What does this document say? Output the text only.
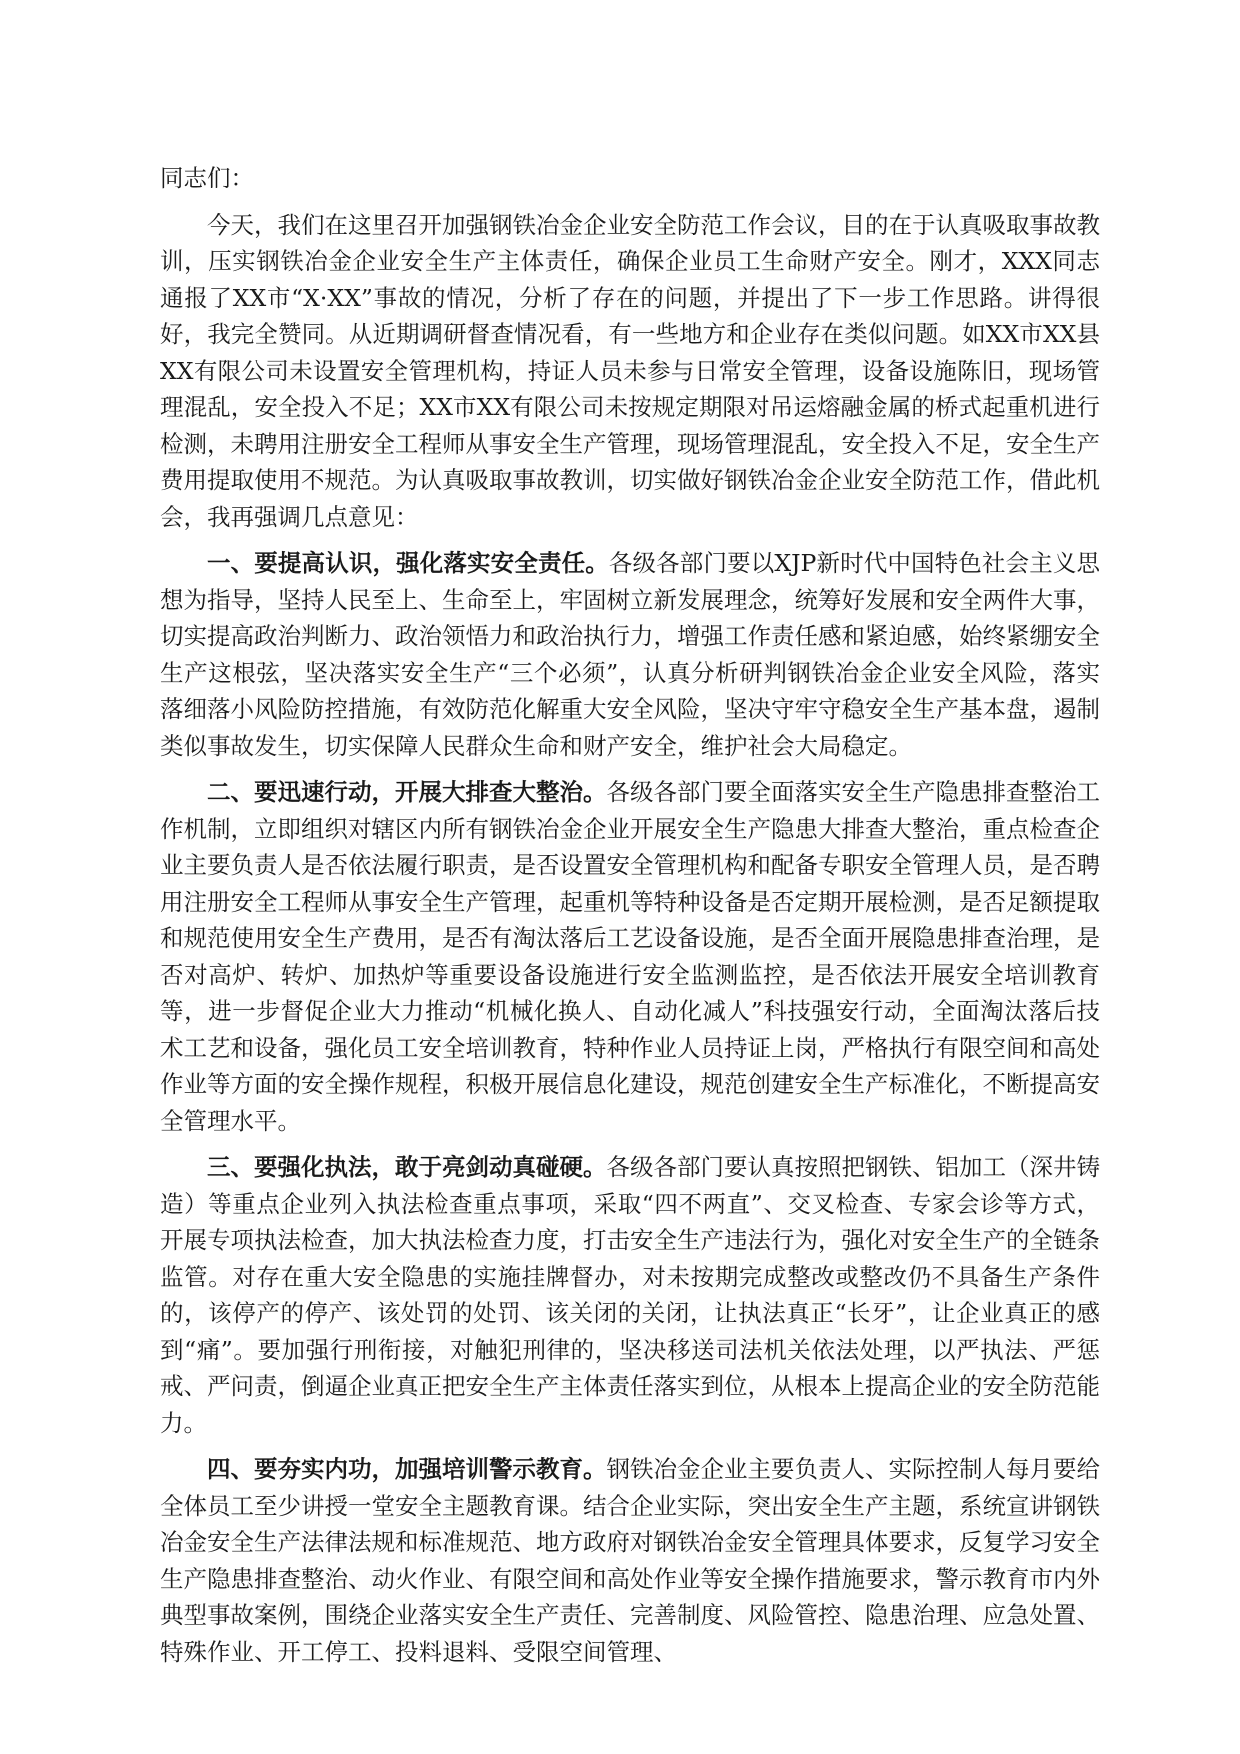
同志们：

今天，我们在这里召开加强钢铁冶金企业安全防范工作会议，目的在于认真吸取事故教训，压实钢铁冶金企业安全生产主体责任，确保企业员工生命财产安全。刚才，XXX同志通报了XX市“X·XX”事故的情况，分析了存在的问题，并提出了下一步工作思路。讲得很好，我完全赞同。从近期调研督查情况看，有一些地方和企业存在类似问题。如XX市XX县XX有限公司未设置安全管理机构，持证人员未参与日常安全管理，设备设施陈旧，现场管理混乱，安全投入不足；XX市XX有限公司未按规定期限对吊运熔融金属的桥式起重机进行检测，未聘用注册安全工程师从事安全生产管理，现场管理混乱，安全投入不足，安全生产费用提取使用不规范。为认真吸取事故教训，切实做好钢铁冶金企业安全防范工作，借此机会，我再强调几点意见：

一、要提高认识，强化落实安全责任。各级各部门要以XJP新时代中国特色社会主义思想为指导，坚持人民至上、生命至上，牢固树立新发展理念，统筹好发展和安全两件大事，切实提高政治判断力、政治领悟力和政治执行力，增强工作责任感和紧迫感，始终紧绷安全生产这根弦，坚决落实安全生产“三个必须”，认真分析研判钢铁冶金企业安全风险，落实落细落小风险防控措施，有效防范化解重大安全风险，坚决守牢守稳安全生产基本盘，遏制类似事故发生，切实保障人民群众生命和财产安全，维护社会大局稳定。

二、要迅速行动，开展大排查大整治。各级各部门要全面落实安全生产隐患排查整治工作机制，立即组织对辖区内所有钢铁冶金企业开展安全生产隐患大排查大整治，重点检查企业主要负责人是否依法履行职责，是否设置安全管理机构和配备专职安全管理人员，是否聘用注册安全工程师从事安全生产管理，起重机等特种设备是否定期开展检测，是否足额提取和规范使用安全生产费用，是否有淘汰落后工艺设备设施，是否全面开展隐患排查治理，是否对高炉、转炉、加热炉等重要设备设施进行安全监测监控，是否依法开展安全培训教育等，进一步督促企业大力推动“机械化换人、自动化减人”科技强安行动，全面淘汰落后技术工艺和设备，强化员工安全培训教育，特种作业人员持证上岗，严格执行有限空间和高处作业等方面的安全操作规程，积极开展信息化建设，规范创建安全生产标准化，不断提高安全管理水平。

三、要强化执法，敢于亮剑动真碰硬。各级各部门要认真按照把钢铁、铝加工（深井铸造）等重点企业列入执法检查重点事项，采取“四不两直”、交叉检查、专家会诊等方式，开展专项执法检查，加大执法检查力度，打击安全生产违法行为，强化对安全生产的全链条监管。对存在重大安全隐患的实施挂牌督办，对未按期完成整改或整改仍不具备生产条件的，该停产的停产、该处罚的处罚、该关闭的关闭，让执法真正“长牙”，让企业真正的感到“痛”。要加强行刑衔接，对触犯刑律的，坚决移送司法机关依法处理，以严执法、严惩戒、严问责，倒逼企业真正把安全生产主体责任落实到位，从根本上提高企业的安全防范能力。

四、要夯实内功，加强培训警示教育。钢铁冶金企业主要负责人、实际控制人每月要给全体员工至少讲授一堂安全主题教育课。结合企业实际，突出安全生产主题，系统宣讲钢铁冶金安全生产法律法规和标准规范、地方政府对钢铁冶金安全管理具体要求，反复学习安全生产隐患排查整治、动火作业、有限空间和高处作业等安全操作措施要求，警示教育市内外典型事故案例，围绕企业落实安全生产责任、完善制度、风险管控、隐患治理、应急处置、特殊作业、开工停工、投料退料、受限空间管理、
